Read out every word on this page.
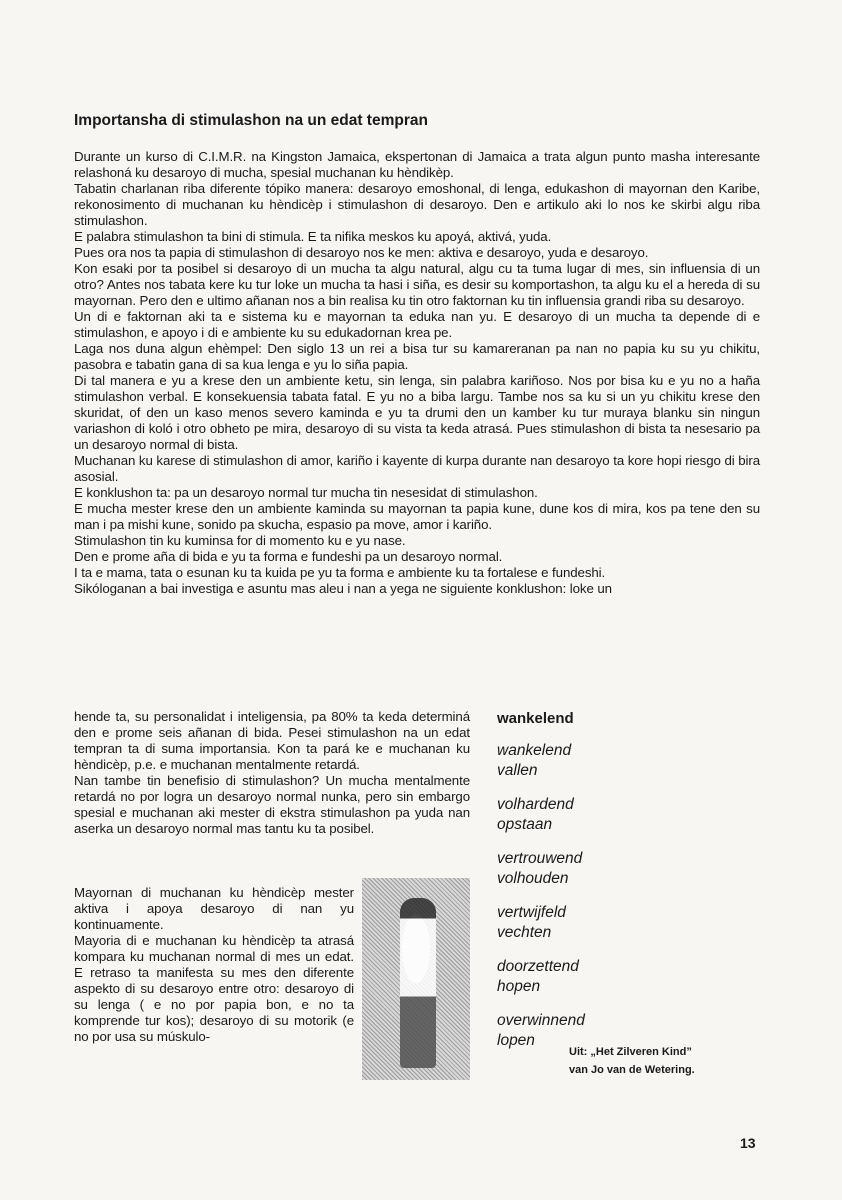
Importansha di stimulashon na un edat tempran

Durante un kurso di C.I.M.R. na Kingston Jamaica, ekspertonan di Jamaica a trata algun punto masha interesante relashoná ku desaroyo di mucha, spesial muchanan ku hèndikèp.

Tabatin charlanan riba diferente tópiko manera: desaroyo emoshonal, di lenga, edukashon di mayornan den Karibe, rekonosimento di muchanan ku hèndicèp i stimulashon di desaroyo. Den e artikulo aki lo nos ke skirbi algu riba stimulashon.

E palabra stimulashon ta bini di stimula. E ta nifika meskos ku apoyá, aktivá, yuda.

Pues ora nos ta papia di stimulashon di desaroyo nos ke men: aktiva e desaroyo, yuda e desaroyo.

Kon esaki por ta posibel si desaroyo di un mucha ta algu natural, algu cu ta tuma lugar di mes, sin influensia di un otro? Antes nos tabata kere ku tur loke un mucha ta hasi i siña, es desir su komportashon, ta algu ku el a hereda di su mayornan. Pero den e ultimo añanan nos a bin realisa ku tin otro faktornan ku tin influensia grandi riba su desaroyo.

Un di e faktornan aki ta e sistema ku e mayornan ta eduka nan yu. E desaroyo di un mucha ta depende di e stimulashon, e apoyo i di e ambiente ku su edukadornan krea pe.

Laga nos duna algun ehèmpel: Den siglo 13 un rei a bisa tur su kamareranan pa nan no papia ku su yu chikitu, pasobra e tabatin gana di sa kua lenga e yu lo siña papia.

Di tal manera e yu a krese den un ambiente ketu, sin lenga, sin palabra kariñoso. Nos por bisa ku e yu no a haña stimulashon verbal. E konsekuensia tabata fatal. E yu no a biba largu. Tambe nos sa ku si un yu chikitu krese den skuridat, of den un kaso menos severo kaminda e yu ta drumi den un kamber ku tur muraya blanku sin ningun variashon di koló i otro obheto pe mira, desaroyo di su vista ta keda atrasá. Pues stimulashon di bista ta nesesario pa un desaroyo normal di bista.

Muchanan ku karese di stimulashon di amor, kariño i kayente di kurpa durante nan desaroyo ta kore hopi riesgo di bira asosial.

E konklushon ta: pa un desaroyo normal tur mucha tin nesesidat di stimulashon.

E mucha mester krese den un ambiente kaminda su mayornan ta papia kune, dune kos di mira, kos pa tene den su man i pa mishi kune, sonido pa skucha, espasio pa move, amor i kariño.

Stimulashon tin ku kuminsa for di momento ku e yu nase.

Den e prome aña di bida e yu ta forma e fundeshi pa un desaroyo normal.

I ta e mama, tata o esunan ku ta kuida pe yu ta forma e ambiente ku ta fortalese e fundeshi.

Sikóloganan a bai investiga e asuntu mas aleu i nan a yega ne siguiente konklushon: loke un

hende ta, su personalidat i inteligensia, pa 80% ta keda determiná den e prome seis añanan di bida. Pesei stimulashon na un edat tempran ta di suma importansia. Kon ta pará ke e muchanan ku hèndicèp, p.e. e muchanan mentalmente retardá.

Nan tambe tin benefisio di stimulashon? Un mucha mentalmente retardá no por logra un desaroyo normal nunka, pero sin embargo spesial e muchanan aki mester di ekstra stimulashon pa yuda nan aserka un desaroyo normal mas tantu ku ta posibel.

Mayornan di muchanan ku hèndicèp mester aktiva i apoya desaroyo di nan yu kontinuamente.

Mayoria di e muchanan ku hèndicèp ta atrasá kompara ku muchanan normal di mes un edat. E retraso ta manifesta su mes den diferente aspekto di su desaroyo entre otro: desaroyo di su lenga ( e no por papia bon, e no ta komprende tur kos); desaroyo di su motorik (e no por usa su múskulo-

wankelend
wankelend
vallen
volhardend
opstaan
vertrouwend
volhouden
vertwijfeld
vechten
doorzettend
hopen
overwinnend
lopen
Uit: „Het Zilveren Kind”
van Jo van de Wetering.
13
